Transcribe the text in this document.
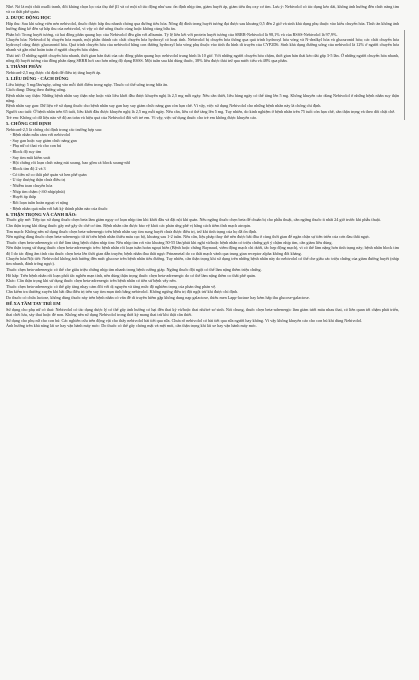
Nhé. Nó là một chất oxalli tranh, đối kháng chọn lọc của thụ thể β1 và có một số tác động như sau: ổn định nhịp tim, giảm huyết áp, giảm tiêu thụ oxy cơ tim. Lưu ý: Nebivolol có tác dụng kéo dài, không ảnh hưởng đến chức năng tim và co thắt phế quản.

2. DƯỢC ĐỘNG HỌC

Hấp thu: Sau khi uống viên nén nebivolol, thuốc được hấp thu nhanh chóng qua đường tiêu hóa. Nồng độ đỉnh trong huyết tương đạt được sau khoảng 0,5 đến 2 giờ và sinh khả dụng phụ thuộc vào kiểu chuyển hóa. Thức ăn không ảnh hưởng đáng kể đến sự hấp thu của nebivolol, vì vậy có thể uống thuốc cùng hoặc không cùng bữa ăn.

Phân bố: Trong huyết tương, cả hai đồng phân quang học của Nebivolol đều gắn với albumin. Tỷ lệ liên kết với protein huyết tương của SRRR-Nebivolol là 98,1% và của RSSS-Nebivolol là 97,9%.

Chuyển hóa: Nebivolol bị chuyển hóa mạnh, một phần thành các chất chuyển hóa hydroxyl có hoạt tính. Nebivolol bị chuyển hóa thông qua quá trình hydroxyl hóa vòng và N-dealkyl hóa và glucuronid hóa; các chất chuyển hóa hydroxyl cũng được glucuronid hóa. Quá trình chuyển hóa của nebivolol bằng con đường hydroxyl hóa vòng phụ thuộc vào tính đa hình di truyền của CYP2D6. Sinh khả dụng đường uống của nebivolol là 12% ở người chuyển hóa nhanh và gần như hoàn toàn ở người chuyển hóa chậm.

Thải trừ: Ở những người chuyển hóa nhanh, thời gian bán thải của các đồng phân quang học nebivolol trung bình là 10 giờ. Với những người chuyển hóa chậm, thời gian bán thải kéo dài gấp 3-5 lần. Ở những người chuyển hóa nhanh, nồng độ huyết tương của đồng phân dạng SRRR hơi cao hơn nồng độ dạng RSSS. Một tuần sau khi dùng thuốc, 38% liều được thải trừ qua nước tiểu và 48% qua phân.

3. THÀNH PHẦN

Nebicard-2,5 mg được chỉ định để điều trị tăng huyết áp.

3. LIỀU DÙNG - CÁCH DÙNG

Liều lượng: 5 mg/lần/ngày, uống vào mỗi thời điểm trong ngày. Thuốc có thể uống trong bữa ăn.

Cách dùng: Dùng theo đường uống.

Bệnh nhân suy thận: Những bệnh nhân suy thận nhẹ hoặc vừa liều khởi đầu được khuyến nghị là 2,5 mg mỗi ngày. Nếu cần thiết, liều hàng ngày có thể tăng lên 5 mg. Không khuyến cáo dùng Nebivolol ở những bệnh nhân suy thận nặng.

Bệnh nhân suy gan: Dữ liệu về sử dụng thuốc cho bệnh nhân suy gan hay suy giảm chức năng gan còn hạn chế. Vì vậy, việc sử dụng Nebivolol cho những bệnh nhân này là chống chỉ định.

Người cao tuổi: Ở bệnh nhân trên 65 tuổi, liều khởi đầu được khuyến nghị là 2,5 mg mỗi ngày. Nếu cần, liều có thể tăng lên 5 mg. Tuy nhiên, do kinh nghiệm ở bệnh nhân trên 75 tuổi còn hạn chế, cần thận trọng và theo dõi chặt chẽ.

Trẻ em: Không có dữ liệu nào về độ an toàn và hiệu quả của Nebivolol đối với trẻ em. Vì vậy, việc sử dụng thuốc cho trẻ em không được khuyến cáo.

5. CHỐNG CHỈ ĐỊNH

Nebicard-2,5 là chống chỉ định trong các trường hợp sau:

- Bệnh nhân mẫn cảm với nebivolol

- Suy gan hoặc suy giảm chức năng gan

- Phụ nữ có thai và cho con bú

- Block độ suy tim

- Suy tim mất kiểm soát

- Hội chứng rối loạn chức năng nút xoang, bao gồm cả block xoang-nhĩ

- Block tim độ 2 và 3

- Có tiền sử co thắt phế quản và hen phế quản

- U tủy thượng thận chưa điều trị

- Nhiễm toan chuyển hóa

- Nhịp tim chậm (<60 nhịp/phút)

- Huyết áp thấp

- Rối loạn tuần hoàn ngoại vi nặng

- Bệnh nhân quá mẫn với bất kỳ thành phần nào của thuốc

6. THẬN TRỌNG VÀ CẢNH BÁO:

Thuốc gây mê: Tiếp tục sử dụng thuốc chẹn beta làm giảm nguy cơ loạn nhịp tim khi khởi đầu và đặt nội khí quản. Nếu ngừng thuốc chẹn beta để chuẩn bị cho phẫu thuật, cần ngừng thuốc ít nhất 24 giờ trước khi phẫu thuật.

Cần thận trọng khi dùng thuốc gây mê gây ức chế cơ tim. Bệnh nhân cần được bảo vệ khỏi các phản ứng phế vị bằng cách tiêm tĩnh mạch atropin.

Tim mạch: Không nên sử dụng thuốc chẹn beta-adrenergic trên bệnh nhân suy tim sung huyết chưa được điều trị, trừ khi tình trạng của họ đã ổn định.

Nên ngừng dùng thuốc chẹn beta-adrenergic từ từ trên bệnh nhân thiếu máu cục bộ, khoảng sau 1-2 tuần. Nếu cần, liệu pháp thay thế nên được bắt đầu ở cùng thời gian để ngăn chặn sự tiến triển của cơn đau thắt ngực.

Thuốc chẹn beta-adrenergic có thể làm tăng bệnh chậm nhịp tim: Nếu nhịp tim rơi vào khoảng 50-55 lần/phút khi nghỉ và/hoặc bệnh nhân có triệu chứng gợi ý chậm nhịp tim, cần giảm liều dùng.

Nên thận trọng sử dụng thuốc chẹn beta-adrenergic trên: bệnh nhân rối loạn tuần hoàn ngoại biên (Bệnh hoặc chứng Raynaud, viêm động mạch chi dưới, tắc hẹp động mạch), vì có thể làm nặng hơn tình trạng này; bệnh nhân block tim độ I do tác động âm tính của thuốc chẹn beta lên thời gian dẫn truyền; bệnh nhân đau thắt ngực Prinzmetal do co thắt mạch vành qua trung gian receptor alpha không đối kháng.

Chuyển hóa/Nội tiết: Nebivolol không ảnh hưởng đến mức glucose trên bệnh nhân tiểu đường. Tuy nhiên, cần thận trọng khi sử dụng trên những bệnh nhân này do nebivolol có thể che giấu các triệu chứng của giảm đường huyết (nhịp tim nhanh, đánh trống ngực).

Thuốc chẹn beta-adrenergic có thể che giấu triệu chứng nhịp tim nhanh trong bệnh cường giáp. Ngừng thuốc đột ngột có thể làm nặng thêm triệu chứng.

Hô hấp: Trên bệnh nhân rối loạn phổi tắc nghẽn mạn tính, nên dùng thận trọng thuốc chẹn beta-adrenergic do có thể làm nặng thêm co thắt phế quản.

Khác: Cần thận trọng khi sử dụng thuốc chẹn beta-adrenergic trên bệnh nhân có tiền sử bệnh vẩy nến.

Thuốc chẹn beta-adrenergic có thể gây tăng nhạy cảm đối với dị nguyên và tăng mức độ nghiêm trọng của phản ứng phản vệ.

Cần kiểm tra thường xuyên khi bắt đầu điều trị trên suy tim mạn tính bằng nebivolol. Không ngừng điều trị đột ngột trừ khi được chỉ định.

Do thuốc có chứa lactose, không dùng thuốc này trên bệnh nhân có vấn đề di truyền hiếm gặp không dung nạp galactose, thiếu men Lapp-lactase hay kém hấp thu glucose-galactose.

ĐỂ XA TẦM TAY TRẺ EM

Sử dụng cho phụ nữ có thai: Nebivolol có tác dụng dược lý có thể gây ảnh hưởng có hại đến thai kỳ và/hoặc thai nhi/trẻ sơ sinh. Nói chung, thuốc chẹn beta-adrenergic làm giảm tưới máu nhau thai, có liên quan tới chậm phát triển, thai chết lưu, sảy thai hoặc đẻ non. Không nên sử dụng Nebivolol trong thời kỳ mang thai trừ khi thật cần thiết.

Sử dụng cho phụ nữ cho con bú: Các nghiên cứu trên động vật cho thấy nebivolol bài tiết qua sữa. Chưa rõ nebivolol có bài tiết qua sữa người hay không. Vì vậy không khuyến cáo cho con bú khi dùng Nebivolol.

Ảnh hưởng trên khả năng lái xe hay vận hành máy móc: Do thuốc có thể gây chóng mặt và mệt mỏi, cần thận trọng khi lái xe hay vận hành máy móc.
